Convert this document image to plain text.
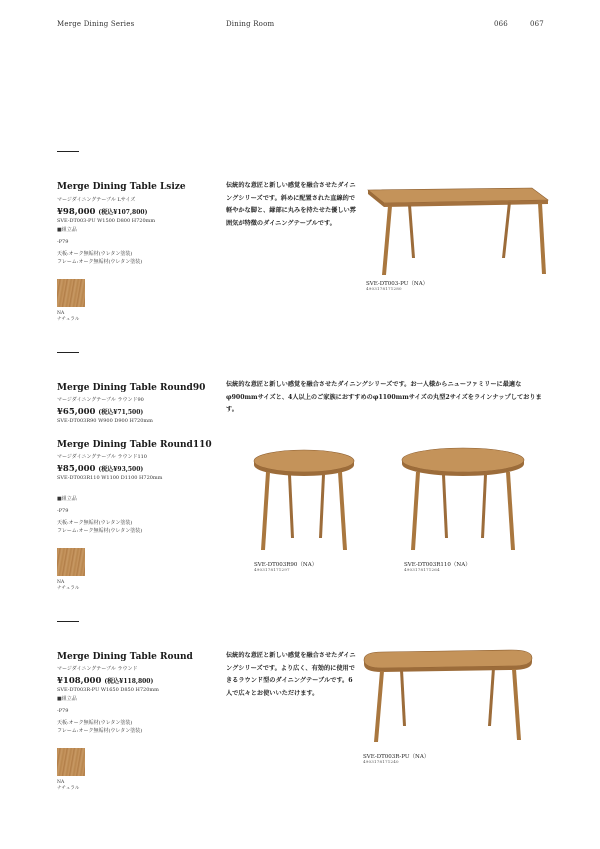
Merge Dining Series	Dining Room	066	067
Merge Dining Table Lsize
マージダイニングテーブル Lサイズ
¥98,000 (税込¥107,800)
SVE-DT003-PU W1500 D800 H720mm
■組立品
-P79
天板:オーク無垢材(ウレタン塗装)
フレーム:オーク無垢材(ウレタン塗装)
NA
ナチュラル
伝統的な意匠と新しい感覚を融合させたダイニングシリーズです。斜めに配置された直線的で軽やかな脚と、縁部に丸みを持たせた優しい雰囲気が特徴のダイニングテーブルです。
SVE-DT003-PU（NA）
4903178171280
Merge Dining Table Round90
マージダイニングテーブル ラウンド90
¥65,000 (税込¥71,500)
SVE-DT003R90 W900 D900 H720mm
Merge Dining Table Round110
マージダイニングテーブル ラウンド110
¥85,000 (税込¥93,500)
SVE-DT003R110 W1100 D1100 H720mm
■組立品
-P79
天板:オーク無垢材(ウレタン塗装)
フレーム:オーク無垢材(ウレタン塗装)
NA
ナチュラル
伝統的な意匠と新しい感覚を融合させたダイニングシリーズです。お一人様からニューファミリーに最適な φ900mmサイズと、4人以上のご家族におすすめのφ1100mmサイズの丸型2サイズをラインナップしております。
SVE-DT003R90（NA）
4903178171297
SVE-DT003R110（NA）
4903178171264
Merge Dining Table Round
マージダイニングテーブル ラウンド
¥108,000 (税込¥118,800)
SVE-DT003R-PU W1650 D850 H720mm
■組立品
-P79
天板:オーク無垢材(ウレタン塗装)
フレーム:オーク無垢材(ウレタン塗装)
NA
ナチュラル
伝統的な意匠と新しい感覚を融合させたダイニングシリーズです。より広く、有効的に使用できるラウンド型のダイニングテーブルです。6人で広々とお使いいただけます。
SVE-DT003R-PU（NA）
4903178171240
